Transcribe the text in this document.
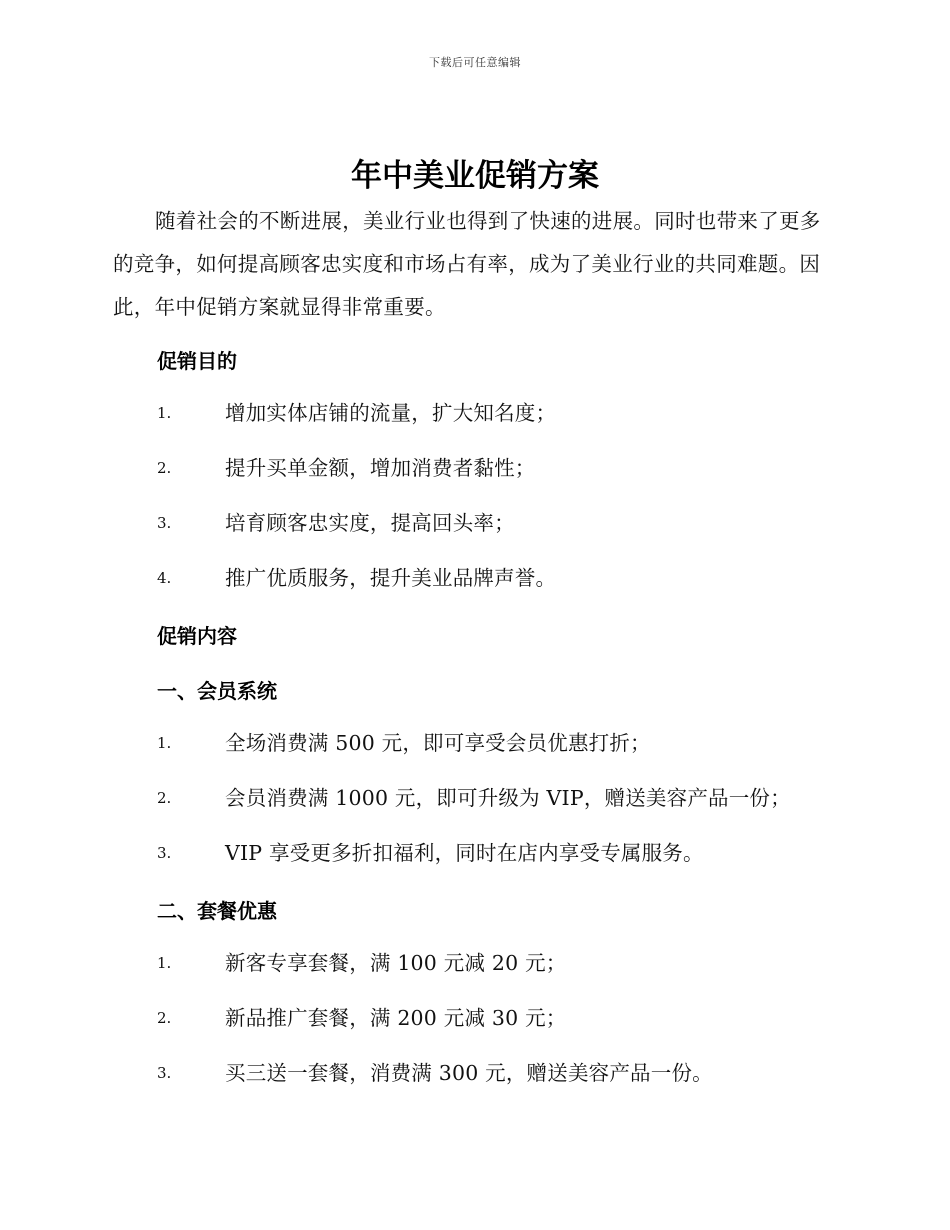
下载后可任意编辑
年中美业促销方案

随着社会的不断进展，美业行业也得到了快速的进展。同时也带来了更多的竞争，如何提高顾客忠实度和市场占有率，成为了美业行业的共同难题。因此，年中促销方案就显得非常重要。

促销目的
1.	增加实体店铺的流量，扩大知名度；
2.	提升买单金额，增加消费者黏性；
3.	培育顾客忠实度，提高回头率；
4.	推广优质服务，提升美业品牌声誉。
促销内容
一、会员系统
1.	全场消费满 500 元，即可享受会员优惠打折；
2.	会员消费满 1000 元，即可升级为 VIP，赠送美容产品一份；
3.	VIP 享受更多折扣福利，同时在店内享受专属服务。
二、套餐优惠
1.	新客专享套餐，满 100 元减 20 元；
2.	新品推广套餐，满 200 元减 30 元；
3.	买三送一套餐，消费满 300 元，赠送美容产品一份。
